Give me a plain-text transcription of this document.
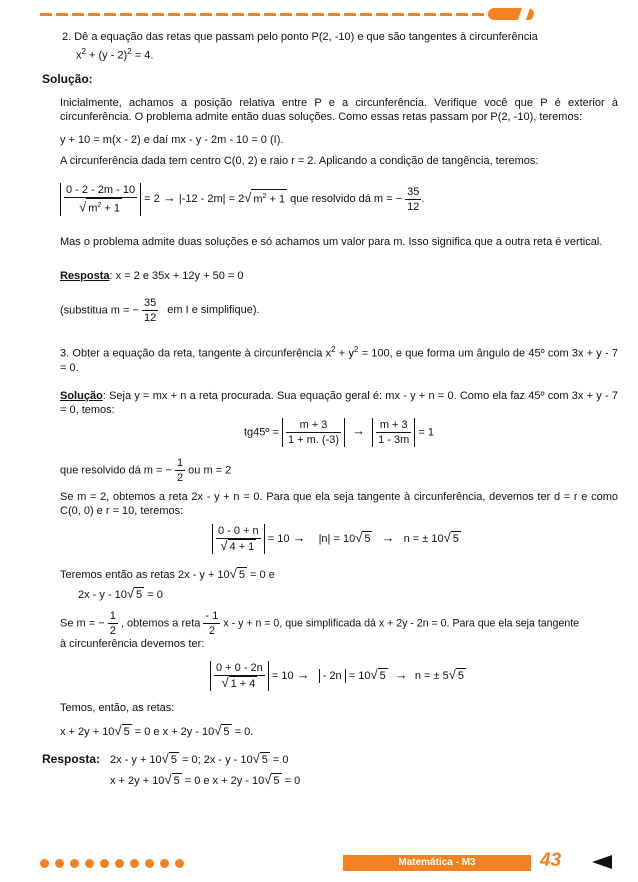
2. Dê a equação das retas que passam pelo ponto P(2, -10) e que são tangentes à circunferência
$x^2 + (y - 2)^2 = 4$.
Solução:
Inicialmente, achamos a posição relativa entre P e a circunferência. Verifique você que P é exterior à circunferência. O problema admite então duas soluções. Como essas retas passam por P(2, -10), teremos:
y + 10 = m(x - 2) e daí mx - y - 2m - 10 = 0 (I).
A circunferência dada tem centro C(0, 2) e raio r = 2. Aplicando a condição de tangência, teremos:
$\frac{0 - 2 - 2m - 10}{√ m^2 + 1} = 2 \to |-12 - 2m| = 2√$ $m^2 + 1$ que resolvido dá m = − $\frac{35}{12}$ .
Mas o problema admite duas soluções e só achamos um valor para m. Isso significa que a outra reta é vertical.
Resposta: x = 2 e 35x + 12y + 50 = 0
(substitua m = − $\frac{35}{12}$ em I e simplifique).
3. Obter a equação da reta, tangente à circunferência $x^2 + y^2 = 100$, e que forma um ângulo de 45º com 3x + y - 7 = 0.
Solução: Seja y = mx + n a reta procurada. Sua equação geral é: mx - y + n = 0. Como ela faz 45º com 3x + y - 7 = 0, temos:
tg45º = $\frac{m + 3}{1 + m. (-3)} \to \frac{m + 3}{1 - 3m} = 1$
que resolvido dá m = − $\frac{1}{2}$ ou m = 2
Se m = 2, obtemos a reta 2x - y + n = 0. Para que ela seja tangente à circunferência, devemos ter d = r e como C(0, 0) e r = 10, teremos:
$\frac{0 - 0 + n}{√ 4 + 1} = 10 \to |n| = 10√$ 5 → n = ± 10√ 5
Teremos então as retas 2x - y + 10√ 5 = 0 e
2x - y - 10√ 5 = 0
Se m = − $\frac{1}{2}$ , obtemos a reta $\frac{- 1}{2}$ x - y + n = 0, que simplificada dá x + 2y - 2n = 0. Para que ela seja tangente
à circunferência devemos ter:
$\frac{0 + 0 - 2n}{√ 1 + 4} = 10$ → - 2n = 10√ 5 → n = ± 5√ 5
Temos, então, as retas:
x + 2y + 10√ 5 = 0 e x + 2y - 10√ 5 = 0.
Resposta: 2x - y + 10√ 5 = 0; 2x - y - 10√ 5 = 0
x + 2y + 10√ 5 = 0 e x + 2y - 10√ 5 = 0
Matemática - M3	43
